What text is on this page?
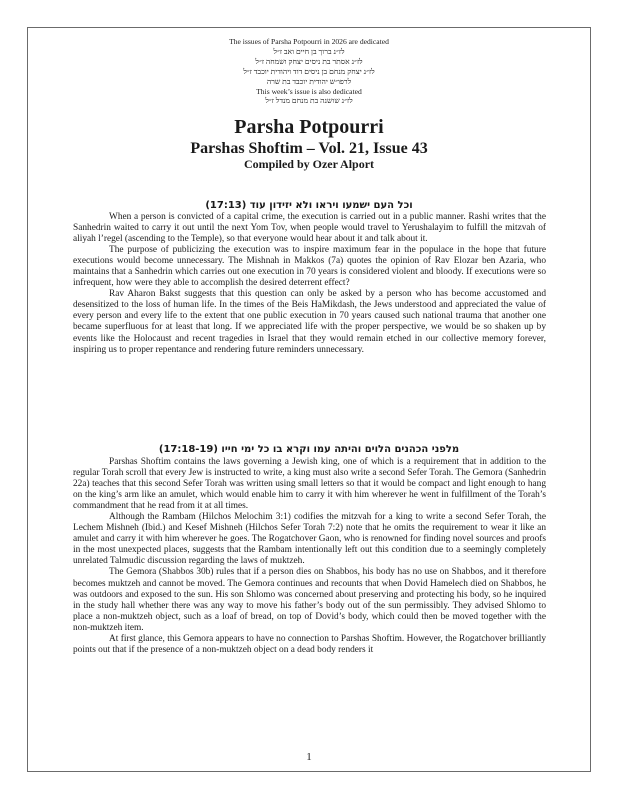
The issues of Parsha Potpourri in 2026 are dedicated
לז״נ ברוך בן חיים ואב ז״ל
לז״נ אסתר בת ניסים יצחק ושמחה ז״ל
לז״נ יצחק מנחם בן ניסים דוד ויהודית יוכבד ז״ל
לרפו״ש יהודית יוכבד בת שרה
This week’s issue is also dedicated
לז״נ שושנה בת מנחם מנדל ז״ל
Parsha Potpourri
Parshas Shoftim – Vol. 21, Issue 43
Compiled by Ozer Alport
וכל העם ישמעו ויראו ולא יזידון עוד (17:13)

When a person is convicted of a capital crime, the execution is carried out in a public manner. Rashi writes that the Sanhedrin waited to carry it out until the next Yom Tov, when people would travel to Yerushalayim to fulfill the mitzvah of aliyah l’regel (ascending to the Temple), so that everyone would hear about it and talk about it.

The purpose of publicizing the execution was to inspire maximum fear in the populace in the hope that future executions would become unnecessary. The Mishnah in Makkos (7a) quotes the opinion of Rav Elozar ben Azaria, who maintains that a Sanhedrin which carries out one execution in 70 years is considered violent and bloody. If executions were so infrequent, how were they able to accomplish the desired deterrent effect?

Rav Aharon Bakst suggests that this question can only be asked by a person who has become accustomed and desensitized to the loss of human life. In the times of the Beis HaMikdash, the Jews understood and appreciated the value of every person and every life to the extent that one public execution in 70 years caused such national trauma that another one became superfluous for at least that long. If we appreciated life with the proper perspective, we would be so shaken up by events like the Holocaust and recent tragedies in Israel that they would remain etched in our collective memory forever, inspiring us to proper repentance and rendering future reminders unnecessary.

מלפני הכהנים הלוים והיתה עמו וקרא בו כל ימי חייו (17:18-19)

Parshas Shoftim contains the laws governing a Jewish king, one of which is a requirement that in addition to the regular Torah scroll that every Jew is instructed to write, a king must also write a second Sefer Torah. The Gemora (Sanhedrin 22a) teaches that this second Sefer Torah was written using small letters so that it would be compact and light enough to hang on the king’s arm like an amulet, which would enable him to carry it with him wherever he went in fulfillment of the Torah’s commandment that he read from it at all times.

Although the Rambam (Hilchos Melochim 3:1) codifies the mitzvah for a king to write a second Sefer Torah, the Lechem Mishneh (Ibid.) and Kesef Mishneh (Hilchos Sefer Torah 7:2) note that he omits the requirement to wear it like an amulet and carry it with him wherever he goes. The Rogatchover Gaon, who is renowned for finding novel sources and proofs in the most unexpected places, suggests that the Rambam intentionally left out this condition due to a seemingly completely unrelated Talmudic discussion regarding the laws of muktzeh.

The Gemora (Shabbos 30b) rules that if a person dies on Shabbos, his body has no use on Shabbos, and it therefore becomes muktzeh and cannot be moved. The Gemora continues and recounts that when Dovid Hamelech died on Shabbos, he was outdoors and exposed to the sun. His son Shlomo was concerned about preserving and protecting his body, so he inquired in the study hall whether there was any way to move his father’s body out of the sun permissibly. They advised Shlomo to place a non-muktzeh object, such as a loaf of bread, on top of Dovid’s body, which could then be moved together with the non-muktzeh item.

At first glance, this Gemora appears to have no connection to Parshas Shoftim. However, the Rogatchover brilliantly points out that if the presence of a non-muktzeh object on a dead body renders it

1
